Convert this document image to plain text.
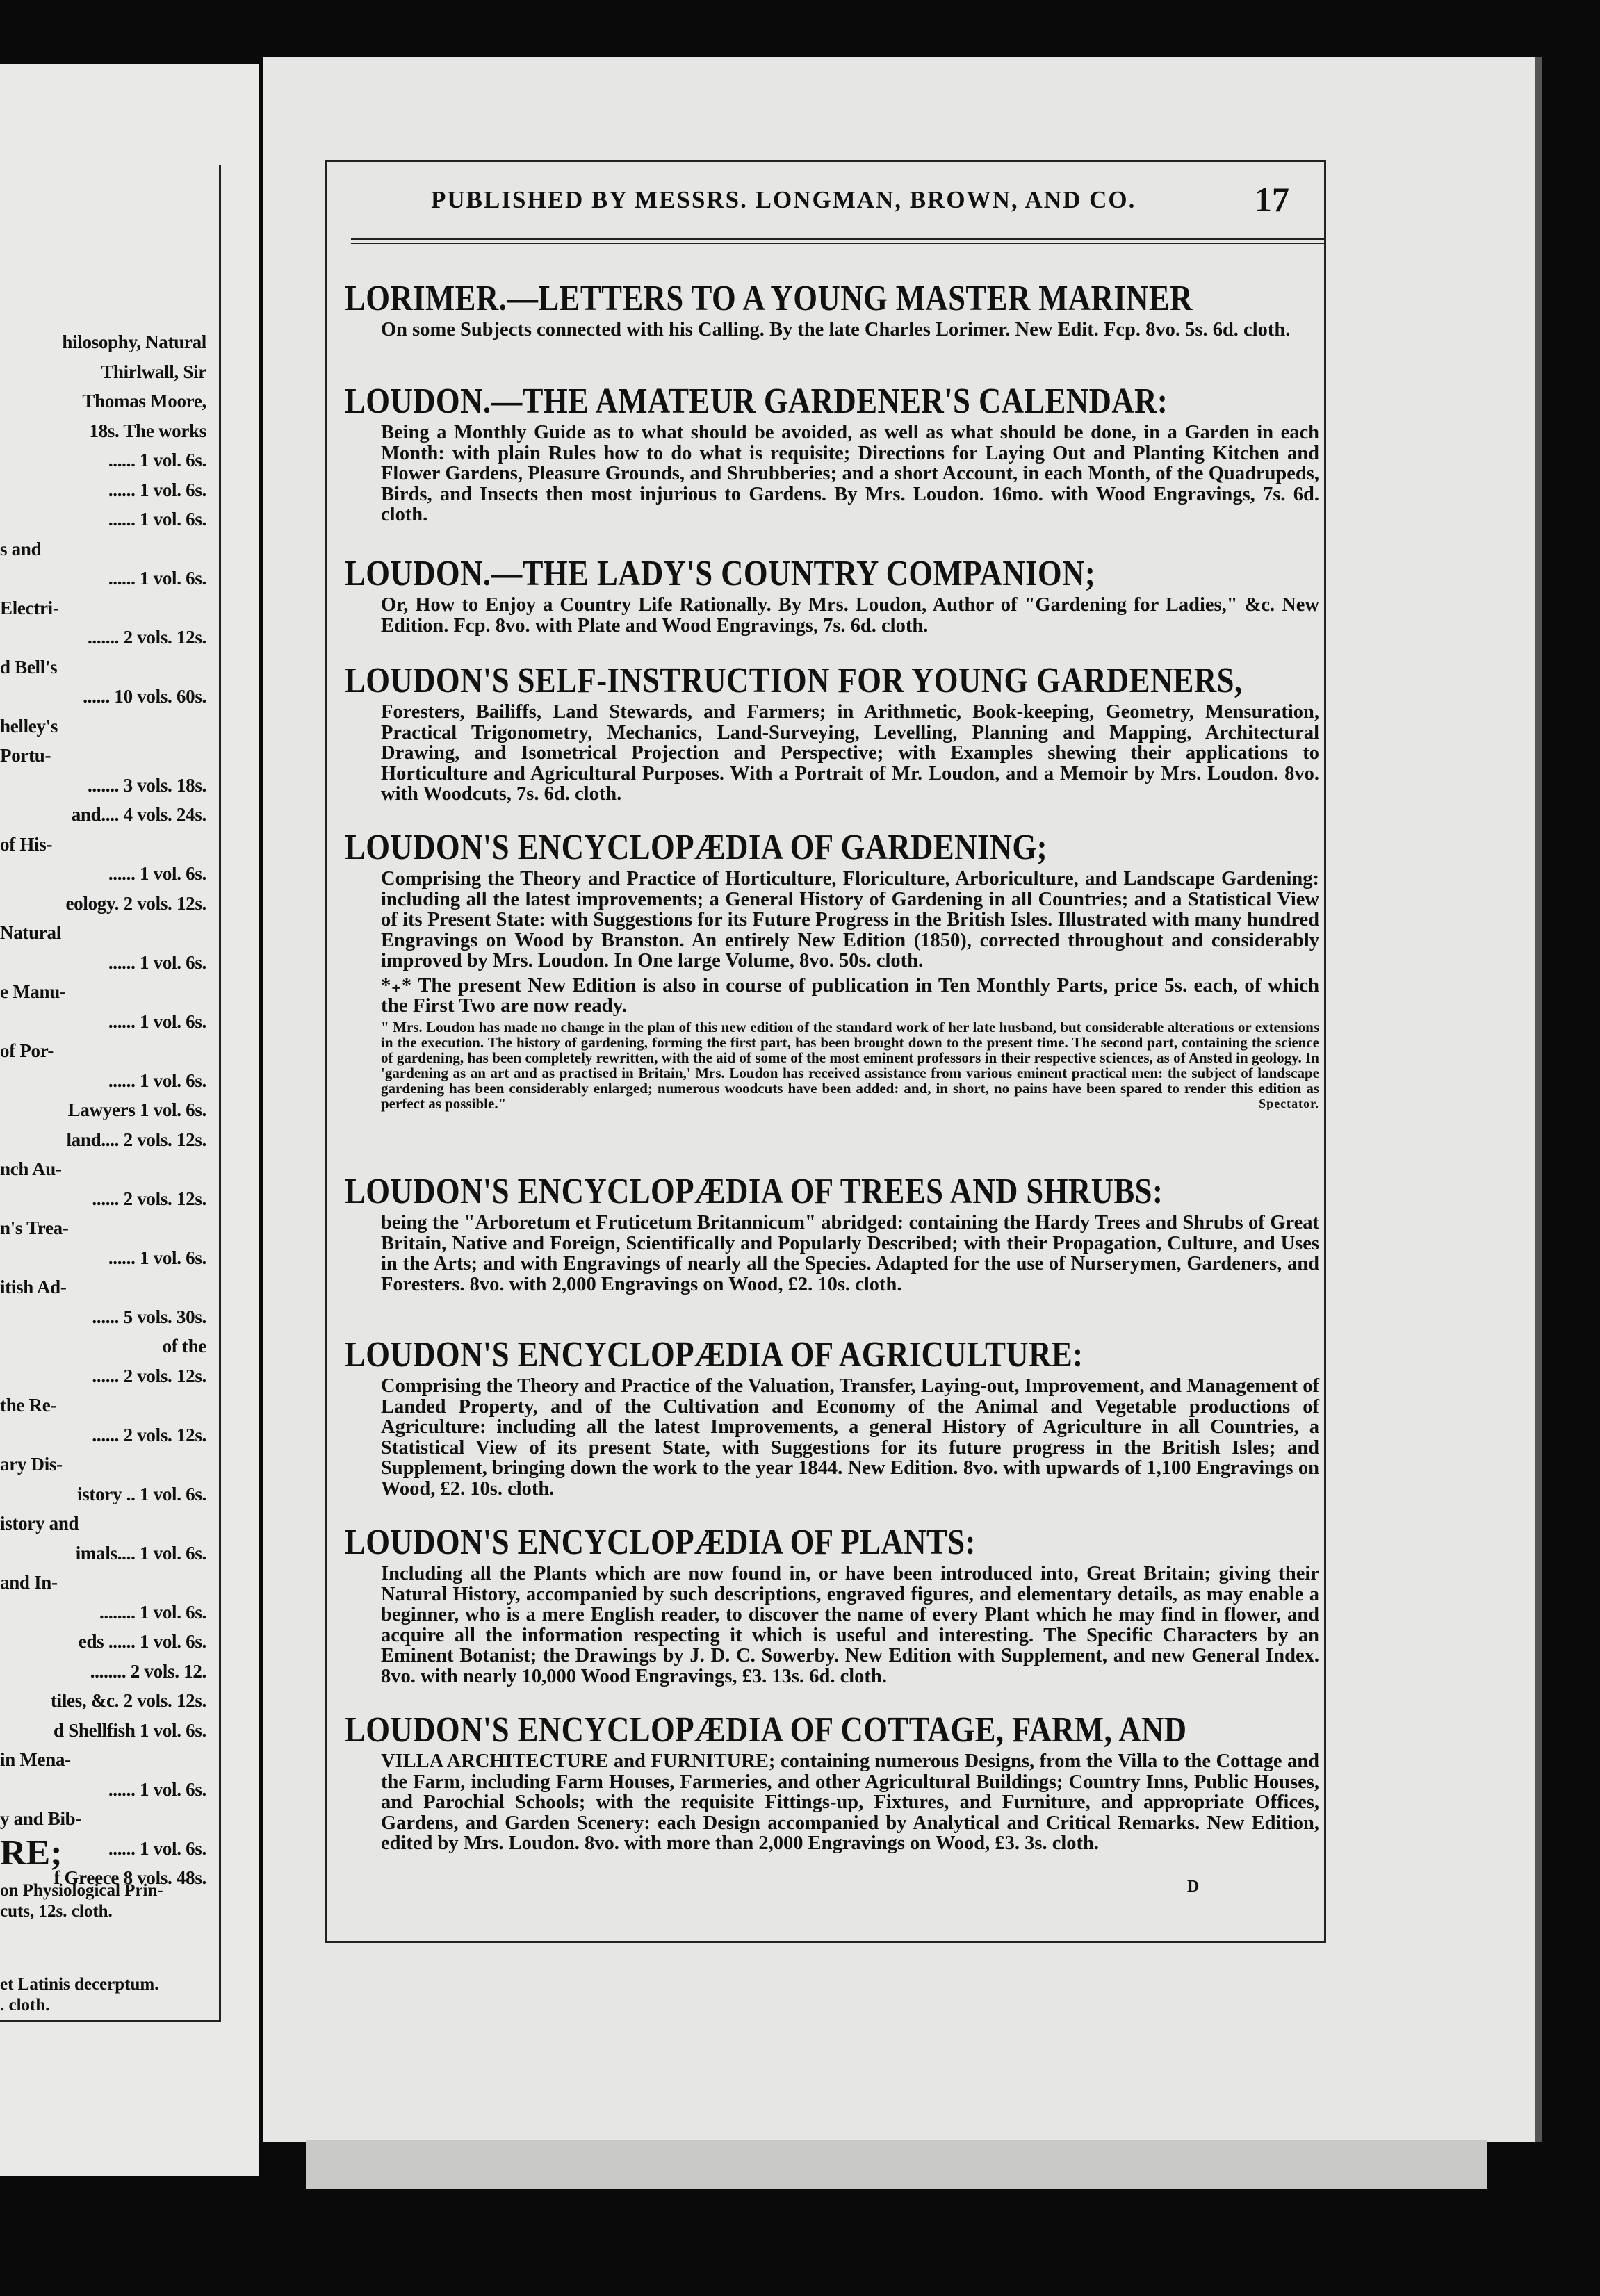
hilosophy, Natural
Thirlwall, Sir
Thomas Moore,
18s. The works
...... 1 vol. 6s.
...... 1 vol. 6s.
...... 1 vol. 6s.
s and
...... 1 vol. 6s.
Electri-
....... 2 vols. 12s.
d Bell's
...... 10 vols. 60s.
helley's
Portu-
....... 3 vols. 18s.
and.... 4 vols. 24s.
of His-
...... 1 vol. 6s.
eology. 2 vols. 12s.
Natural
...... 1 vol. 6s.
e Manu-
...... 1 vol. 6s.
of Por-
...... 1 vol. 6s.
Lawyers 1 vol. 6s.
land.... 2 vols. 12s.
nch Au-
...... 2 vols. 12s.
n's Trea-
...... 1 vol. 6s.
itish Ad-
...... 5 vols. 30s.
of the
...... 2 vols. 12s.
the Re-
...... 2 vols. 12s.
ary Dis-
istory .. 1 vol. 6s.
istory and
imals.... 1 vol. 6s.
and In-
........ 1 vol. 6s.
eds ...... 1 vol. 6s.
........ 2 vols. 12.
tiles, &c. 2 vols. 12s.
d Shellfish 1 vol. 6s.
in Mena-
...... 1 vol. 6s.
y and Bib-
...... 1 vol. 6s.
f Greece 8 vols. 48s.
RE;
on Physiological Prin-
cuts, 12s. cloth.
et Latinis decerptum.
. cloth.
PUBLISHED BY MESSRS. LONGMAN, BROWN, AND CO.	17
LORIMER.—LETTERS TO A YOUNG MASTER MARINER

On some Subjects connected with his Calling. By the late Charles Lorimer. New Edit. Fcp. 8vo. 5s. 6d. cloth.

LOUDON.—THE AMATEUR GARDENER'S CALENDAR:

Being a Monthly Guide as to what should be avoided, as well as what should be done, in a Garden in each Month: with plain Rules how to do what is requisite; Directions for Laying Out and Planting Kitchen and Flower Gardens, Pleasure Grounds, and Shrubberies; and a short Account, in each Month, of the Quadrupeds, Birds, and Insects then most injurious to Gardens. By Mrs. Loudon. 16mo. with Wood Engravings, 7s. 6d. cloth.

LOUDON.—THE LADY'S COUNTRY COMPANION;

Or, How to Enjoy a Country Life Rationally. By Mrs. Loudon, Author of "Gardening for Ladies," &c. New Edition. Fcp. 8vo. with Plate and Wood Engravings, 7s. 6d. cloth.

LOUDON'S SELF-INSTRUCTION FOR YOUNG GARDENERS,

Foresters, Bailiffs, Land Stewards, and Farmers; in Arithmetic, Book-keeping, Geometry, Mensuration, Practical Trigonometry, Mechanics, Land-Surveying, Levelling, Planning and Mapping, Architectural Drawing, and Isometrical Projection and Perspective; with Examples shewing their applications to Horticulture and Agricultural Purposes. With a Portrait of Mr. Loudon, and a Memoir by Mrs. Loudon. 8vo. with Woodcuts, 7s. 6d. cloth.

LOUDON'S ENCYCLOPÆDIA OF GARDENING;

Comprising the Theory and Practice of Horticulture, Floriculture, Arboriculture, and Landscape Gardening: including all the latest improvements; a General History of Gardening in all Countries; and a Statistical View of its Present State: with Suggestions for its Future Progress in the British Isles. Illustrated with many hundred Engravings on Wood by Branston. An entirely New Edition (1850), corrected throughout and considerably improved by Mrs. Loudon. In One large Volume, 8vo. 50s. cloth.

*₊* The present New Edition is also in course of publication in Ten Monthly Parts, price 5s. each, of which the First Two are now ready.

" Mrs. Loudon has made no change in the plan of this new edition of the standard work of her late husband, but considerable alterations or extensions in the execution. The history of gardening, forming the first part, has been brought down to the present time. The second part, containing the science of gardening, has been completely rewritten, with the aid of some of the most eminent professors in their respective sciences, as of Ansted in geology. In 'gardening as an art and as practised in Britain,' Mrs. Loudon has received assistance from various eminent practical men: the subject of landscape gardening has been considerably enlarged; numerous woodcuts have been added: and, in short, no pains have been spared to render this edition as perfect as possible."	Spectator.

LOUDON'S ENCYCLOPÆDIA OF TREES AND SHRUBS:

being the "Arboretum et Fruticetum Britannicum" abridged: containing the Hardy Trees and Shrubs of Great Britain, Native and Foreign, Scientifically and Popularly Described; with their Propagation, Culture, and Uses in the Arts; and with Engravings of nearly all the Species. Adapted for the use of Nurserymen, Gardeners, and Foresters. 8vo. with 2,000 Engravings on Wood, £2. 10s. cloth.

LOUDON'S ENCYCLOPÆDIA OF AGRICULTURE:

Comprising the Theory and Practice of the Valuation, Transfer, Laying-out, Improvement, and Management of Landed Property, and of the Cultivation and Economy of the Animal and Vegetable productions of Agriculture: including all the latest Improvements, a general History of Agriculture in all Countries, a Statistical View of its present State, with Suggestions for its future progress in the British Isles; and Supplement, bringing down the work to the year 1844. New Edition. 8vo. with upwards of 1,100 Engravings on Wood, £2. 10s. cloth.

LOUDON'S ENCYCLOPÆDIA OF PLANTS:

Including all the Plants which are now found in, or have been introduced into, Great Britain; giving their Natural History, accompanied by such descriptions, engraved figures, and elementary details, as may enable a beginner, who is a mere English reader, to discover the name of every Plant which he may find in flower, and acquire all the information respecting it which is useful and interesting. The Specific Characters by an Eminent Botanist; the Drawings by J. D. C. Sowerby. New Edition with Supplement, and new General Index. 8vo. with nearly 10,000 Wood Engravings, £3. 13s. 6d. cloth.

LOUDON'S ENCYCLOPÆDIA OF COTTAGE, FARM, AND

VILLA ARCHITECTURE and FURNITURE; containing numerous Designs, from the Villa to the Cottage and the Farm, including Farm Houses, Farmeries, and other Agricultural Buildings; Country Inns, Public Houses, and Parochial Schools; with the requisite Fittings-up, Fixtures, and Furniture, and appropriate Offices, Gardens, and Garden Scenery: each Design accompanied by Analytical and Critical Remarks. New Edition, edited by Mrs. Loudon. 8vo. with more than 2,000 Engravings on Wood, £3. 3s. cloth.

D
